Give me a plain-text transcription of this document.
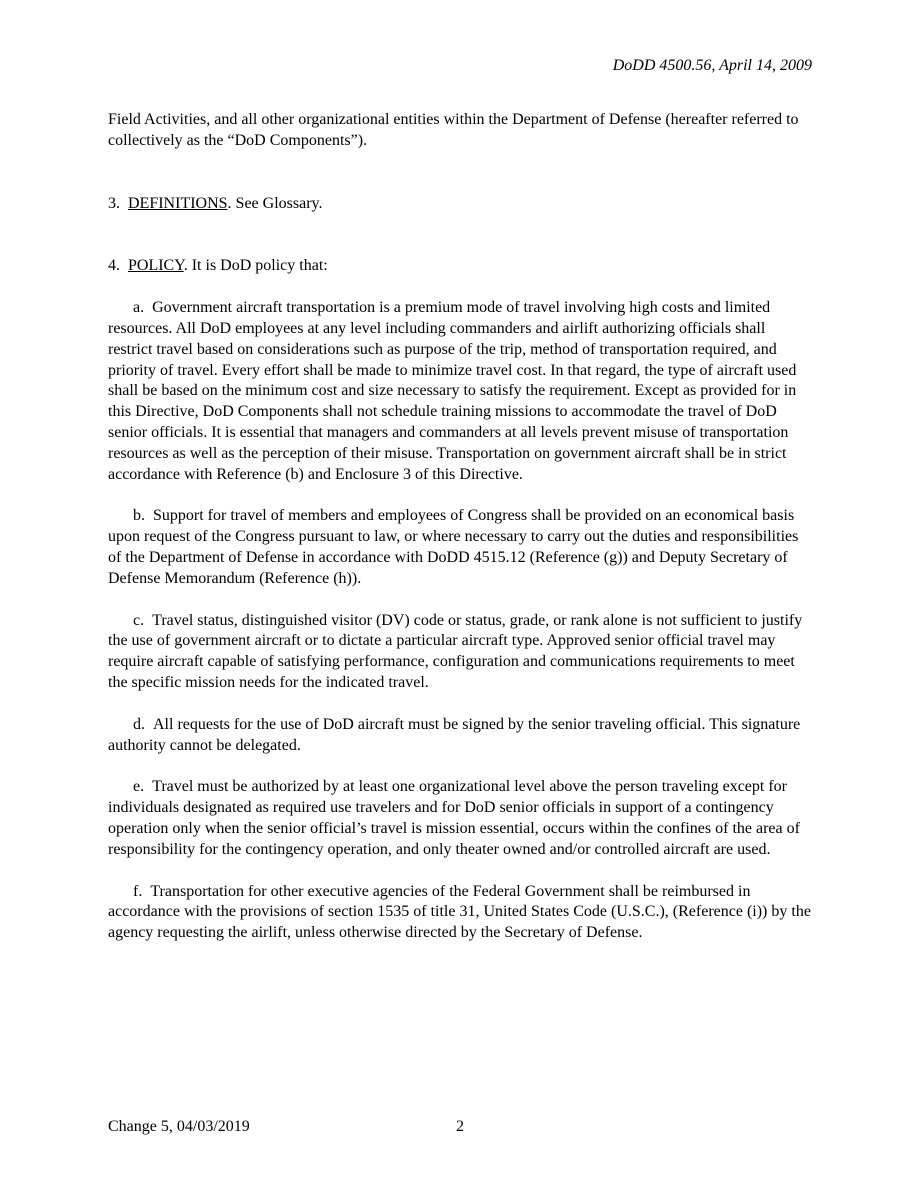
DoDD 4500.56, April 14, 2009

Field Activities, and all other organizational entities within the Department of Defense (hereafter referred to collectively as the “DoD Components”).

3. DEFINITIONS. See Glossary.

4. POLICY. It is DoD policy that:

a. Government aircraft transportation is a premium mode of travel involving high costs and limited resources. All DoD employees at any level including commanders and airlift authorizing officials shall restrict travel based on considerations such as purpose of the trip, method of transportation required, and priority of travel. Every effort shall be made to minimize travel cost. In that regard, the type of aircraft used shall be based on the minimum cost and size necessary to satisfy the requirement. Except as provided for in this Directive, DoD Components shall not schedule training missions to accommodate the travel of DoD senior officials. It is essential that managers and commanders at all levels prevent misuse of transportation resources as well as the perception of their misuse. Transportation on government aircraft shall be in strict accordance with Reference (b) and Enclosure 3 of this Directive.

b. Support for travel of members and employees of Congress shall be provided on an economical basis upon request of the Congress pursuant to law, or where necessary to carry out the duties and responsibilities of the Department of Defense in accordance with DoDD 4515.12 (Reference (g)) and Deputy Secretary of Defense Memorandum (Reference (h)).

c. Travel status, distinguished visitor (DV) code or status, grade, or rank alone is not sufficient to justify the use of government aircraft or to dictate a particular aircraft type. Approved senior official travel may require aircraft capable of satisfying performance, configuration and communications requirements to meet the specific mission needs for the indicated travel.

d. All requests for the use of DoD aircraft must be signed by the senior traveling official. This signature authority cannot be delegated.

e. Travel must be authorized by at least one organizational level above the person traveling except for individuals designated as required use travelers and for DoD senior officials in support of a contingency operation only when the senior official’s travel is mission essential, occurs within the confines of the area of responsibility for the contingency operation, and only theater owned and/or controlled aircraft are used.

f. Transportation for other executive agencies of the Federal Government shall be reimbursed in accordance with the provisions of section 1535 of title 31, United States Code (U.S.C.), (Reference (i)) by the agency requesting the airlift, unless otherwise directed by the Secretary of Defense.

Change 5, 04/03/2019	2
